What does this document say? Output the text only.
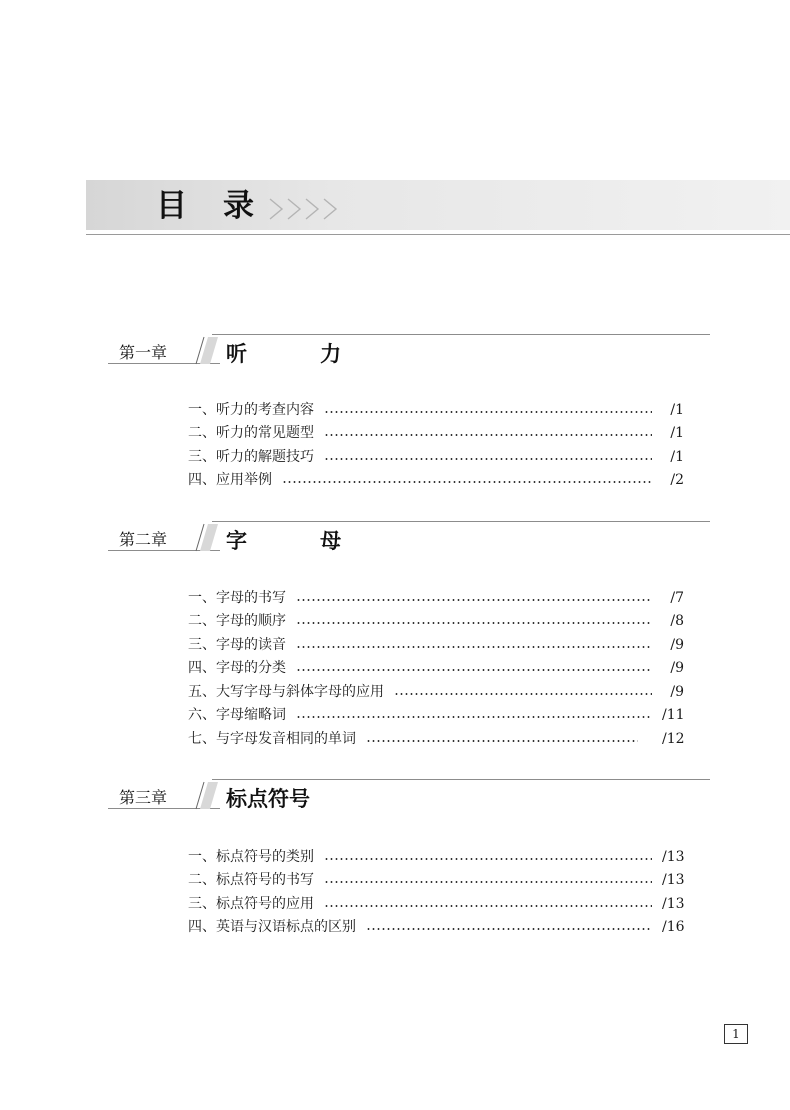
目录
第一章	听          力
一、听力的考查内容	/1
二、听力的常见题型	/1
三、听力的解题技巧	/1
四、应用举例	/2
第二章	字          母
一、字母的书写	/7
二、字母的顺序	/8
三、字母的读音	/9
四、字母的分类	/9
五、大写字母与斜体字母的应用	/9
六、字母缩略词	/11
七、与字母发音相同的单词	/12
第三章	标点符号
一、标点符号的类别	/13
二、标点符号的书写	/13
三、标点符号的应用	/13
四、英语与汉语标点的区别	/16
1
